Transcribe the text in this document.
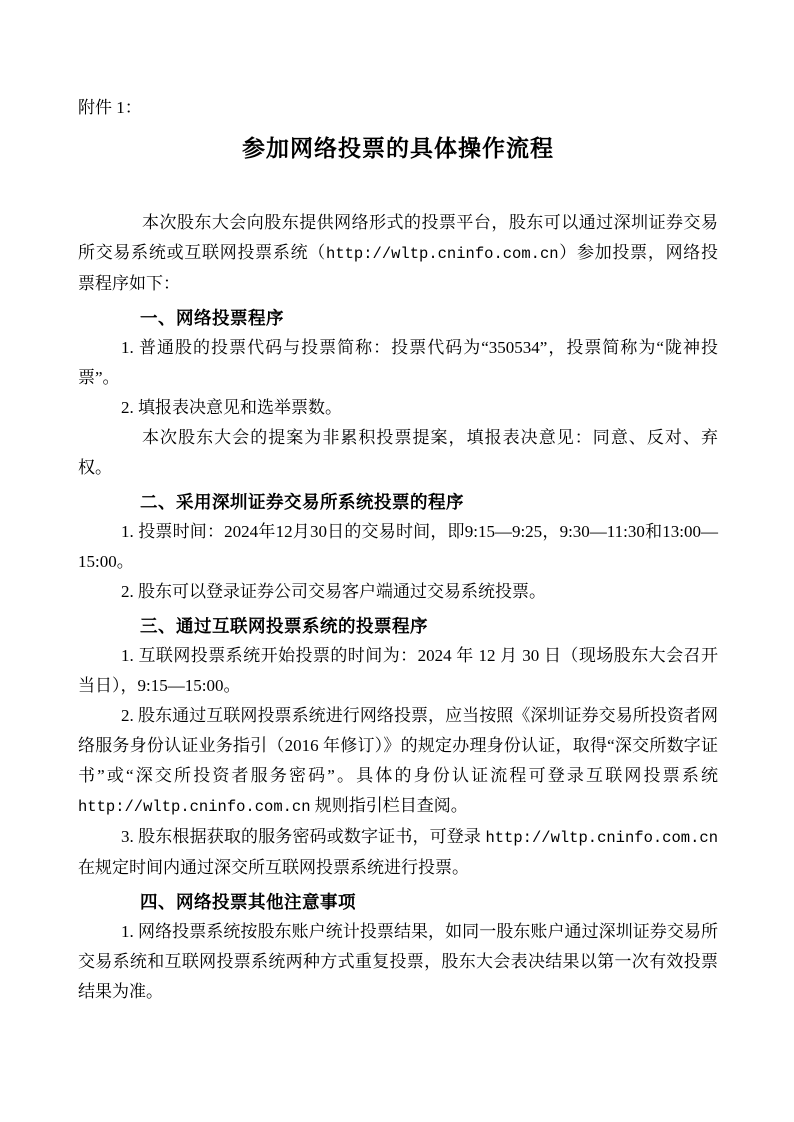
附件 1：
参加网络投票的具体操作流程

本次股东大会向股东提供网络形式的投票平台，股东可以通过深圳证券交易所交易系统或互联网投票系统（http://wltp.cninfo.com.cn）参加投票，网络投票程序如下：

一、网络投票程序

1. 普通股的投票代码与投票简称：投票代码为“350534”，投票简称为“陇神投票”。

2. 填报表决意见和选举票数。

本次股东大会的提案为非累积投票提案，填报表决意见：同意、反对、弃权。

二、采用深圳证券交易所系统投票的程序

1. 投票时间：2024年12月30日的交易时间，即9:15—9:25，9:30—11:30和13:00—15:00。

2. 股东可以登录证券公司交易客户端通过交易系统投票。

三、通过互联网投票系统的投票程序

1. 互联网投票系统开始投票的时间为：2024 年 12 月 30 日（现场股东大会召开当日），9:15—15:00。

2. 股东通过互联网投票系统进行网络投票，应当按照《深圳证券交易所投资者网络服务身份认证业务指引（2016 年修订）》的规定办理身份认证，取得“深交所数字证书”或“深交所投资者服务密码”。具体的身份认证流程可登录互联网投票系统 http://wltp.cninfo.com.cn 规则指引栏目查阅。

3. 股东根据获取的服务密码或数字证书，可登录 http://wltp.cninfo.com.cn 在规定时间内通过深交所互联网投票系统进行投票。

四、网络投票其他注意事项

1. 网络投票系统按股东账户统计投票结果，如同一股东账户通过深圳证券交易所交易系统和互联网投票系统两种方式重复投票，股东大会表决结果以第一次有效投票结果为准。
